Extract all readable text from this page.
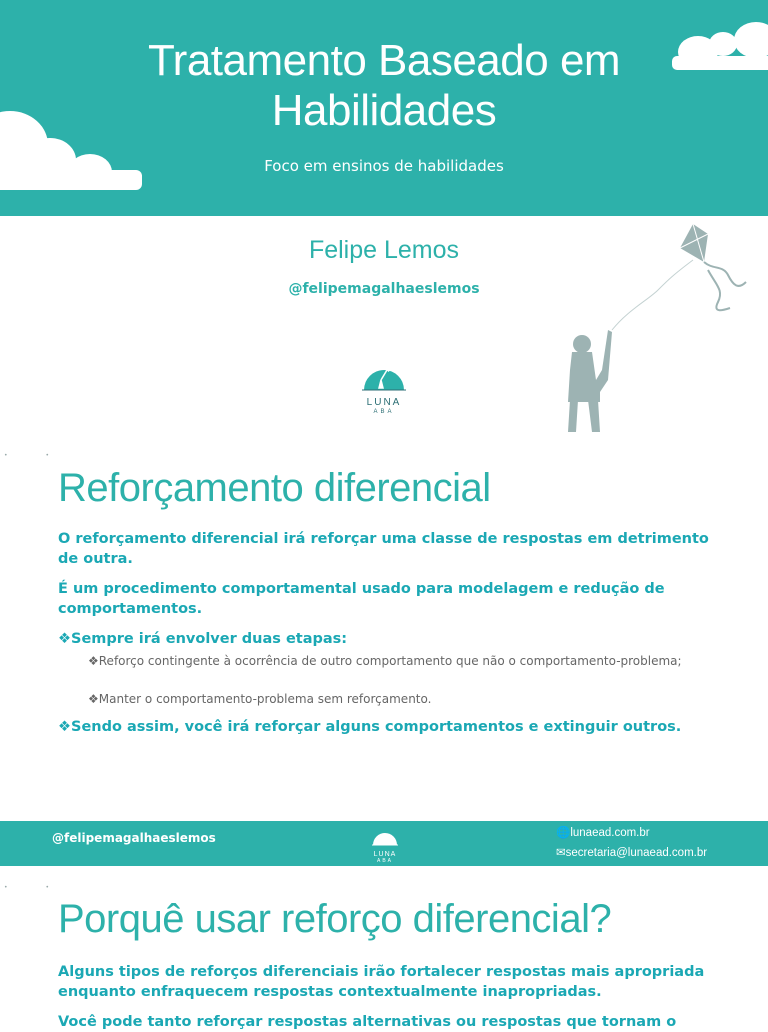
Tratamento Baseado em
Habilidades
Foco em ensinos de habilidades
Felipe Lemos
@felipemagalhaeslemos
LUNA
ABA
• •
Reforçamento diferencial
O reforçamento diferencial irá reforçar uma classe de respostas em detrimento de outra.
É um procedimento comportamental usado para modelagem e redução de comportamentos.
❖Sempre irá envolver duas etapas:
❖Reforço contingente à ocorrência de outro comportamento que não o comportamento-problema;
❖Manter o comportamento-problema sem reforçamento.
❖Sendo assim, você irá reforçar alguns comportamentos e extinguir outros.
@felipemagalhaeslemos
LUNA
ABA
🌐lunaead.com.br
✉secretaria@lunaead.com.br
• •
Porquê usar reforço diferencial?
Alguns tipos de reforços diferenciais irão fortalecer respostas mais apropriada enquanto enfraquecem respostas contextualmente inapropriadas.
Você pode tanto reforçar respostas alternativas ou respostas que tornam o
